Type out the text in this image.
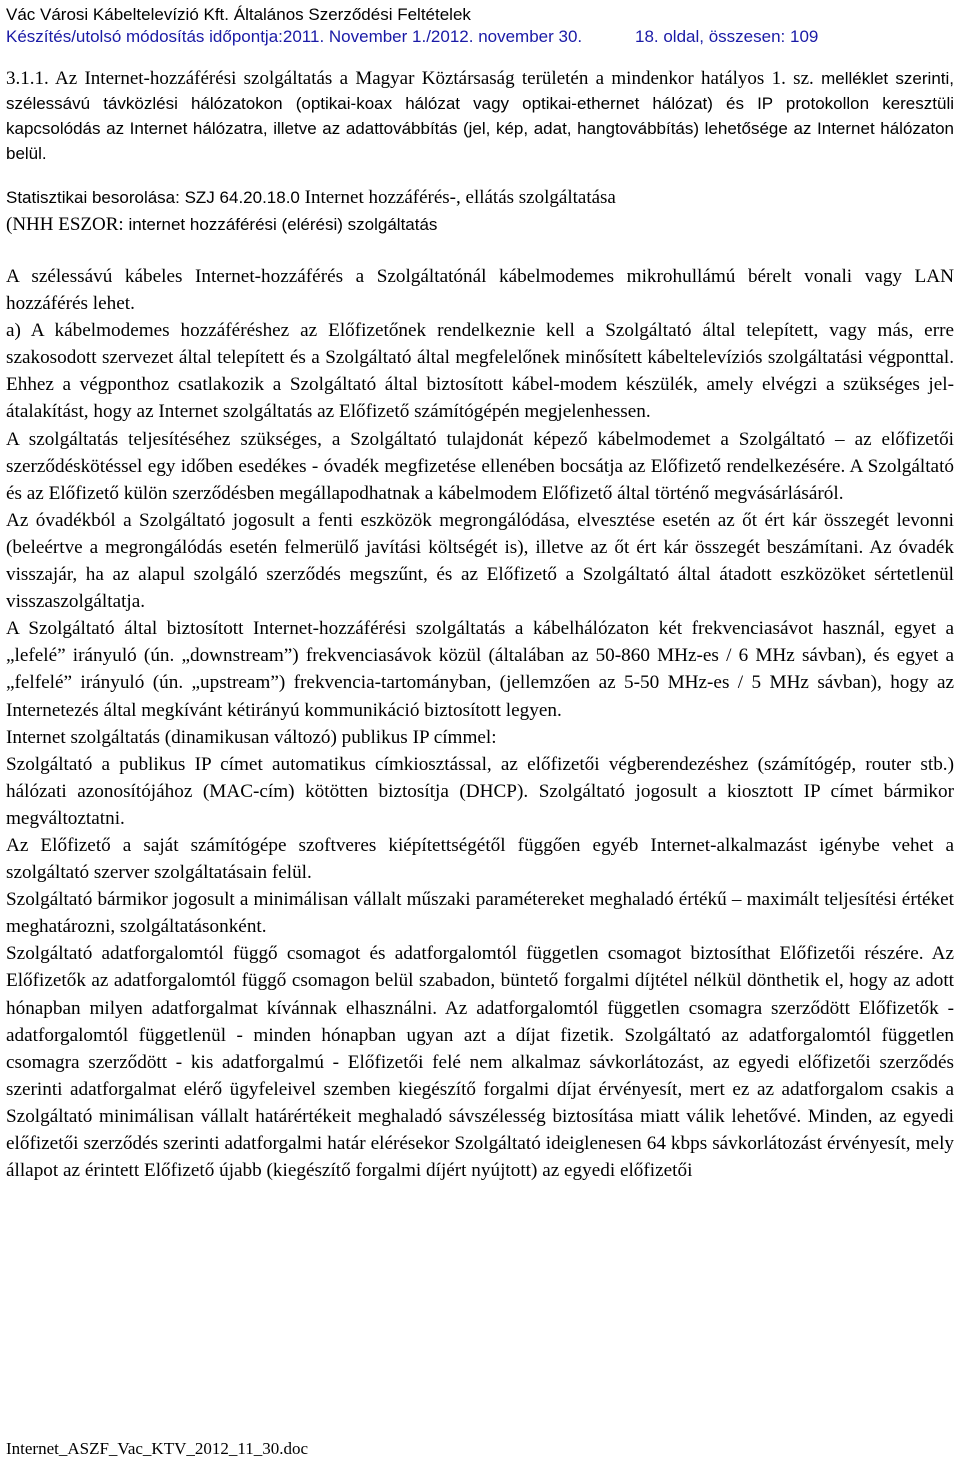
Vác Városi Kábeltelevízió Kft. Általános Szerződési Feltételek
Készítés/utolsó módosítás időpontja:2011. November 1./2012. november 30.	18. oldal, összesen: 109
3.1.1. Az Internet-hozzáférési szolgáltatás a Magyar Köztársaság területén a mindenkor hatályos 1. sz. melléklet szerinti, szélessávú távközlési hálózatokon (optikai-koax hálózat vagy optikai-ethernet hálózat) és IP protokollon keresztüli kapcsolódás az Internet hálózatra, illetve az adattovábbítás (jel, kép, adat, hangtovábbítás) lehetősége az Internet hálózaton belül.
Statisztikai besorolása: SZJ 64.20.18.0 Internet hozzáférés-, ellátás szolgáltatása
(NHH ESZOR: internet hozzáférési (elérési) szolgáltatás

A szélessávú kábeles Internet-hozzáférés a Szolgáltatónál kábelmodemes mikrohullámú bérelt vonali vagy LAN hozzáférés lehet.

a) A kábelmodemes hozzáféréshez az Előfizetőnek rendelkeznie kell a Szolgáltató által telepített, vagy más, erre szakosodott szervezet által telepített és a Szolgáltató által megfelelőnek minősített kábeltelevíziós szolgáltatási végponttal. Ehhez a végponthoz csatlakozik a Szolgáltató által biztosított kábel-modem készülék, amely elvégzi a szükséges jel-átalakítást, hogy az Internet szolgáltatás az Előfizető számítógépén megjelenhessen.

A szolgáltatás teljesítéséhez szükséges, a Szolgáltató tulajdonát képező kábelmodemet a Szolgáltató – az előfizetői szerződéskötéssel egy időben esedékes - óvadék megfizetése ellenében bocsátja az Előfizető rendelkezésére. A Szolgáltató és az Előfizető külön szerződésben megállapodhatnak a kábelmodem Előfizető által történő megvásárlásáról.

Az óvadékból a Szolgáltató jogosult a fenti eszközök megrongálódása, elvesztése esetén az őt ért kár összegét levonni (beleértve a megrongálódás esetén felmerülő javítási költségét is), illetve az őt ért kár összegét beszámítani. Az óvadék visszajár, ha az alapul szolgáló szerződés megszűnt, és az Előfizető a Szolgáltató által átadott eszközöket sértetlenül visszaszolgáltatja.

A Szolgáltató által biztosított Internet-hozzáférési szolgáltatás a kábelhálózaton két frekvenciasávot használ, egyet a „lefelé” irányuló (ún. „downstream”) frekvenciasávok közül (általában az 50-860 MHz-es / 6 MHz sávban), és egyet a „felfelé” irányuló (ún. „upstream”) frekvencia-tartományban, (jellemzően az 5-50 MHz-es / 5 MHz sávban), hogy az Internetezés által megkívánt kétirányú kommunikáció biztosított legyen.

Internet szolgáltatás (dinamikusan változó) publikus IP címmel:

Szolgáltató a publikus IP címet automatikus címkiosztással, az előfizetői végberendezéshez (számítógép, router stb.) hálózati azonosítójához (MAC-cím) kötötten biztosítja (DHCP). Szolgáltató jogosult a kiosztott IP címet bármikor megváltoztatni.

Az Előfizető a saját számítógépe szoftveres kiépítettségétől függően egyéb Internet-alkalmazást igénybe vehet a szolgáltató szerver szolgáltatásain felül.

Szolgáltató bármikor jogosult a minimálisan vállalt műszaki paramétereket meghaladó értékű – maximált teljesítési értéket meghatározni, szolgáltatásonként.

Szolgáltató adatforgalomtól függő csomagot és adatforgalomtól független csomagot biztosíthat Előfizetői részére. Az Előfizetők az adatforgalomtól függő csomagon belül szabadon, büntető forgalmi díjtétel nélkül dönthetik el, hogy az adott hónapban milyen adatforgalmat kívánnak elhasználni. Az adatforgalomtól független csomagra szerződött Előfizetők - adatforgalomtól függetlenül - minden hónapban ugyan azt a díjat fizetik. Szolgáltató az adatforgalomtól független csomagra szerződött - kis adatforgalmú - Előfizetői felé nem alkalmaz sávkorlátozást, az egyedi előfizetői szerződés szerinti adatforgalmat elérő ügyfeleivel szemben kiegészítő forgalmi díjat érvényesít, mert ez az adatforgalom csakis a Szolgáltató minimálisan vállalt határértékeit meghaladó sávszélesség biztosítása miatt válik lehetővé. Minden, az egyedi előfizetői szerződés szerinti adatforgalmi határ elérésekor Szolgáltató ideiglenesen 64 kbps sávkorlátozást érvényesít, mely állapot az érintett Előfizető újabb (kiegészítő forgalmi díjért nyújtott) az egyedi előfizetői

Internet_ASZF_Vac_KTV_2012_11_30.doc
